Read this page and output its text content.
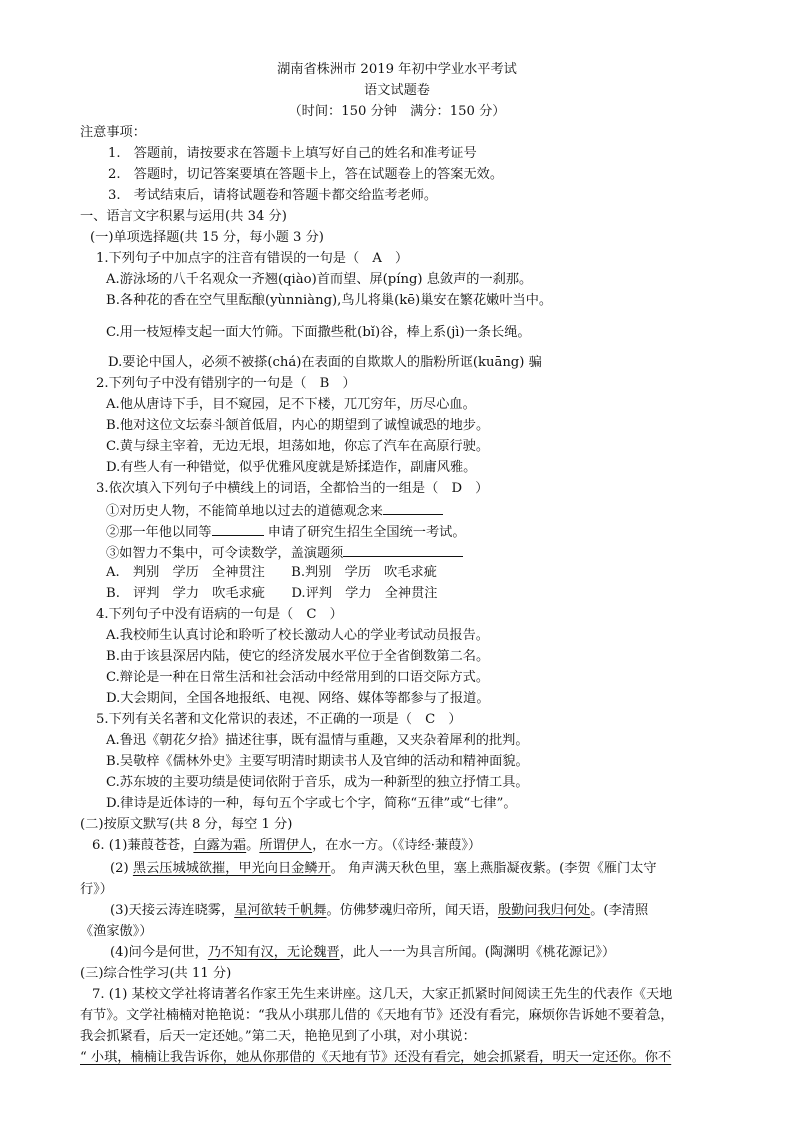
湖南省株洲市 2019 年初中学业水平考试
语文试题卷
（时间：150 分钟　满分：150 分）
注意事项：
1.　答题前，请按要求在答题卡上填写好自己的姓名和准考证号
2.　答题时，切记答案要填在答题卡上，答在试题卷上的答案无效。
3.　考试结束后，请将试题卷和答题卡都交给监考老师。
一、语言文字积累与运用(共 34 分)
(一)单项选择题(共 15 分，每小题 3 分)
1.下列句子中加点字的注音有错误的一句是（　A　）
A.游泳场的八千名观众一齐翘(qiào)首而望、屏(píng) 息敛声的一刹那。
B.各种花的香在空气里酝酿(yùnniàng),鸟儿将巢(kē)巢安在繁花嫩叶当中。
C.用一枝短棒支起一面大竹筛。下面撒些秕(bǐ)谷，棒上系(jì)一条长绳。
D.要论中国人，必须不被搽(chá)在表面的自欺欺人的脂粉所诓(kuāng) 骗
2.下列句子中没有错别字的一句是（　B　）
A.他从唐诗下手，目不窥园，足不下楼，兀兀穷年，历尽心血。
B.他对这位文坛泰斗颔首低眉，内心的期望到了诚惶诚恐的地步。
C.黄与绿主宰着，无边无垠，坦荡如地，你忘了汽车在高原行驶。
D.有些人有一种错觉，似乎优雅风度就是矫揉造作，副庸风雅。
3.依次填入下列句子中横线上的词语，全都恰当的一组是（　D　）
①对历史人物，不能简单地以过去的道德观念来
②那一年他以同等	申请了研究生招生全国统一考试。
③如智力不集中，可令读数学，盖演题须
A.　判别　学历　全神贯注　　B.判别　学历　吹毛求疵
B.　评判　学力　吹毛求疵　　D.评判　学力　全神贯注
4.下列句子中没有语病的一句是（　C　）
A.我校师生认真讨论和聆听了校长激动人心的学业考试动员报告。
B.由于该县深居内陆，使它的经济发展水平位于全省倒数第二名。
C.辩论是一种在日常生活和社会活动中经常用到的口语交际方式。
D.大会期间，全国各地报纸、电视、网络、媒体等都参与了报道。
5.下列有关名著和文化常识的表述，不正确的一项是（　C　）
A.鲁迅《朝花夕拾》描述往事，既有温情与重趣，又夹杂着犀利的批判。
B.吴敬梓《儒林外史》主要写明清时期读书人及官绅的活动和精神面貌。
C.苏东坡的主要功绩是使词依附于音乐，成为一种新型的独立抒情工具。
D.律诗是近体诗的一种，每句五个字或七个字，简称“五律”或“七律”。
(二)按原文默写(共 8 分，每空 1 分)
6. (1)蒹葭苍苍，白露为霜。所谓伊人，在水一方。（《诗经·蒹葭》）
(2) 黑云压城城欲摧，甲光向日金鳞开。 角声满天秋色里，塞上燕脂凝夜紫。(李贺《雁门太守
行》）
(3)天接云涛连晓雾，星河欲转千帆舞。仿佛梦魂归帝所，闻天语，殷勤问我归何处。(李清照
《渔家傲》）
(4)问今是何世，乃不知有汉，无论魏晋，此人一一为具言所闻。(陶渊明《桃花源记》）
(三)综合性学习(共 11 分)
7. (1) 某校文学社将请著名作家王先生来讲座。这几天，大家正抓紧时间阅读王先生的代表作《天地
有节》。文学社楠楠对艳艳说：“我从小琪那儿借的《天地有节》还没有看完，麻烦你告诉她不要着急，
我会抓紧看，后天一定还她。”第二天，艳艳见到了小琪，对小琪说：
“ 小琪，楠楠让我告诉你，她从你那借的《天地有节》还没有看完，她会抓紧看，明天一定还你。你不
